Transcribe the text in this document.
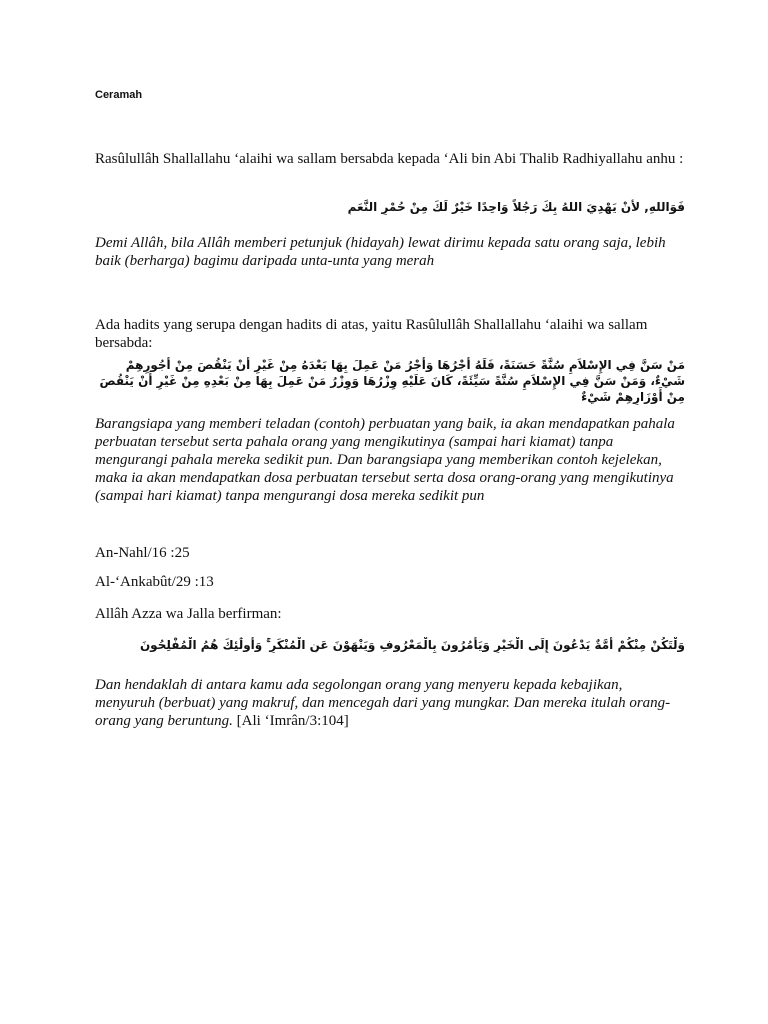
Ceramah

Rasûlullâh Shallallahu ‘alaihi wa sallam bersabda kepada ‘Ali bin Abi Thalib Radhiyallahu anhu :

فَوَاللهِ, لأَنْ يَهْدِيَ اللهُ بِكَ رَجُلاً وَاحِدًا خَيْرٌ لَكَ مِنْ حُمْرِ النَّعَمِ

Demi Allâh, bila Allâh memberi petunjuk (hidayah) lewat dirimu kepada satu orang saja, lebih baik (berharga) bagimu daripada unta-unta yang merah

Ada hadits yang serupa dengan hadits di atas, yaitu Rasûlullâh Shallallahu ‘alaihi wa sallam bersabda:

مَنْ سَنَّ فِي الإِسْلاَمِ سُنَّةً حَسَنَةً، فَلَهُ أَجْرُهَا وَأَجْرُ مَنْ عَمِلَ بِهَا بَعْدَهُ مِنْ غَيْرِ أَنْ يَنْقُصَ مِنْ أُجُورِهِمْ شَيْءٌ، وَمَنْ سَنَّ فِي الإِسْلاَمِ سُنَّةً سَيِّئَةً، كَانَ عَلَيْهِ وِزْرُهَا وَوِزْرُ مَنْ عَمِلَ بِهَا مِنْ بَعْدِهِ مِنْ غَيْرِ أَنْ يَنْقُصَ مِنْ أَوْزَارِهِمْ شَيْءٌ

Barangsiapa yang memberi teladan (contoh) perbuatan yang baik, ia akan mendapatkan pahala perbuatan tersebut serta pahala orang yang mengikutinya (sampai hari kiamat) tanpa mengurangi pahala mereka sedikit pun. Dan barangsiapa yang memberikan contoh kejelekan, maka ia akan mendapatkan dosa perbuatan tersebut serta dosa orang-orang yang mengikutinya (sampai hari kiamat) tanpa mengurangi dosa mereka sedikit pun

An-Nahl/16 :25

Al-‘Ankabût/29 :13

Allâh Azza wa Jalla berfirman:

وَلْتَكُنْ مِنْكُمْ أُمَّةٌ يَدْعُونَ إِلَى الْخَيْرِ وَيَأْمُرُونَ بِالْمَعْرُوفِ وَيَنْهَوْنَ عَنِ الْمُنْكَرِ ۚ وَأُولَٰئِكَ هُمُ الْمُفْلِحُونَ

Dan hendaklah di antara kamu ada segolongan orang yang menyeru kepada kebajikan, menyuruh (berbuat) yang makruf, dan mencegah dari yang mungkar. Dan mereka itulah orang-orang yang beruntung. [Ali ‘Imrân/3:104]
